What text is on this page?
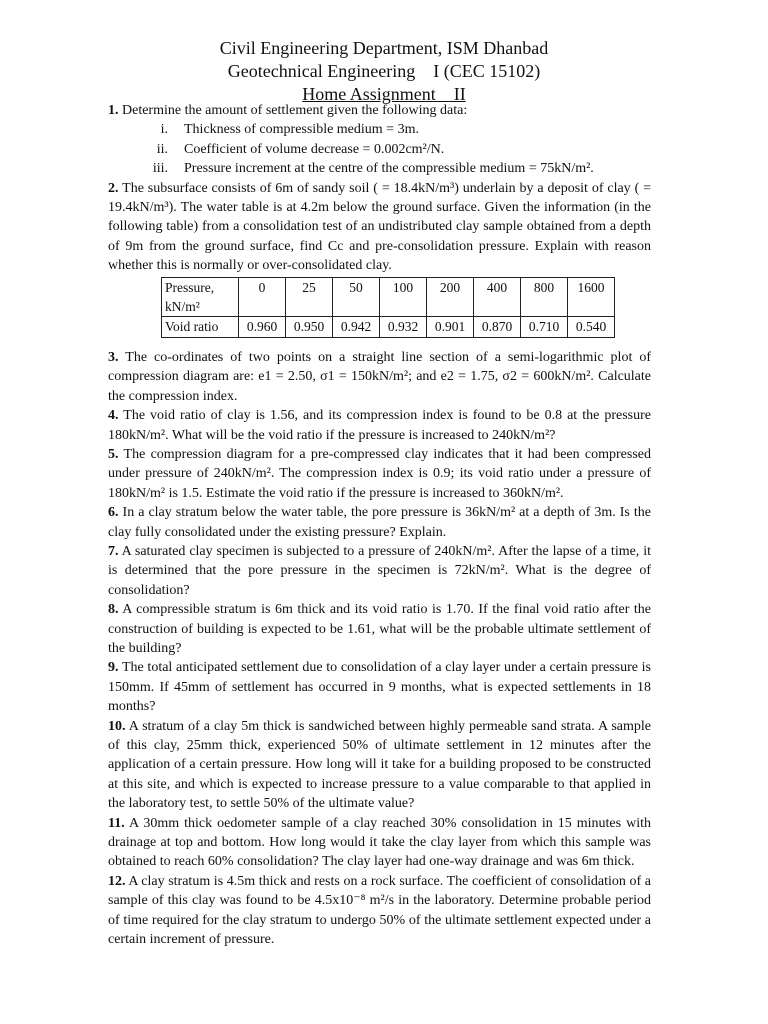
Civil Engineering Department, ISM Dhanbad
Geotechnical Engineering    I (CEC 15102)
Home Assignment    II

1. Determine the amount of settlement given the following data:

i.	Thickness of compressible medium = 3m.
ii.	Coefficient of volume decrease = 0.002cm²/N.
iii.	Pressure increment at the centre of the compressible medium = 75kN/m².

2. The subsurface consists of 6m of sandy soil ( = 18.4kN/m³) underlain by a deposit of clay ( = 19.4kN/m³). The water table is at 4.2m below the ground surface. Given the information (in the following table) from a consolidation test of an undistributed clay sample obtained from a depth of 9m from the ground surface, find Cc and pre-consolidation pressure. Explain with reason whether this is normally or over-consolidated clay.

Pressure, kN/m²	0	25	50	100	200	400	800	1600
Void ratio	0.960	0.950	0.942	0.932	0.901	0.870	0.710	0.540

3. The co-ordinates of two points on a straight line section of a semi-logarithmic plot of compression diagram are: e1 = 2.50, σ1 = 150kN/m²; and e2 = 1.75, σ2 = 600kN/m². Calculate the compression index.

4. The void ratio of clay is 1.56, and its compression index is found to be 0.8 at the pressure 180kN/m². What will be the void ratio if the pressure is increased to 240kN/m²?

5. The compression diagram for a pre-compressed clay indicates that it had been compressed under pressure of 240kN/m². The compression index is 0.9; its void ratio under a pressure of 180kN/m² is 1.5. Estimate the void ratio if the pressure is increased to 360kN/m².

6. In a clay stratum below the water table, the pore pressure is 36kN/m² at a depth of 3m. Is the clay fully consolidated under the existing pressure? Explain.

7. A saturated clay specimen is subjected to a pressure of 240kN/m². After the lapse of a time, it is determined that the pore pressure in the specimen is 72kN/m². What is the degree of consolidation?

8. A compressible stratum is 6m thick and its void ratio is 1.70. If the final void ratio after the construction of building is expected to be 1.61, what will be the probable ultimate settlement of the building?

9. The total anticipated settlement due to consolidation of a clay layer under a certain pressure is 150mm. If 45mm of settlement has occurred in 9 months, what is expected settlements in 18 months?

10. A stratum of a clay 5m thick is sandwiched between highly permeable sand strata. A sample of this clay, 25mm thick, experienced 50% of ultimate settlement in 12 minutes after the application of a certain pressure. How long will it take for a building proposed to be constructed at this site, and which is expected to increase pressure to a value comparable to that applied in the laboratory test, to settle 50% of the ultimate value?

11. A 30mm thick oedometer sample of a clay reached 30% consolidation in 15 minutes with drainage at top and bottom. How long would it take the clay layer from which this sample was obtained to reach 60% consolidation? The clay layer had one-way drainage and was 6m thick.

12. A clay stratum is 4.5m thick and rests on a rock surface. The coefficient of consolidation of a sample of this clay was found to be 4.5x10⁻⁸ m²/s in the laboratory. Determine probable period of time required for the clay stratum to undergo 50% of the ultimate settlement expected under a certain increment of pressure.
